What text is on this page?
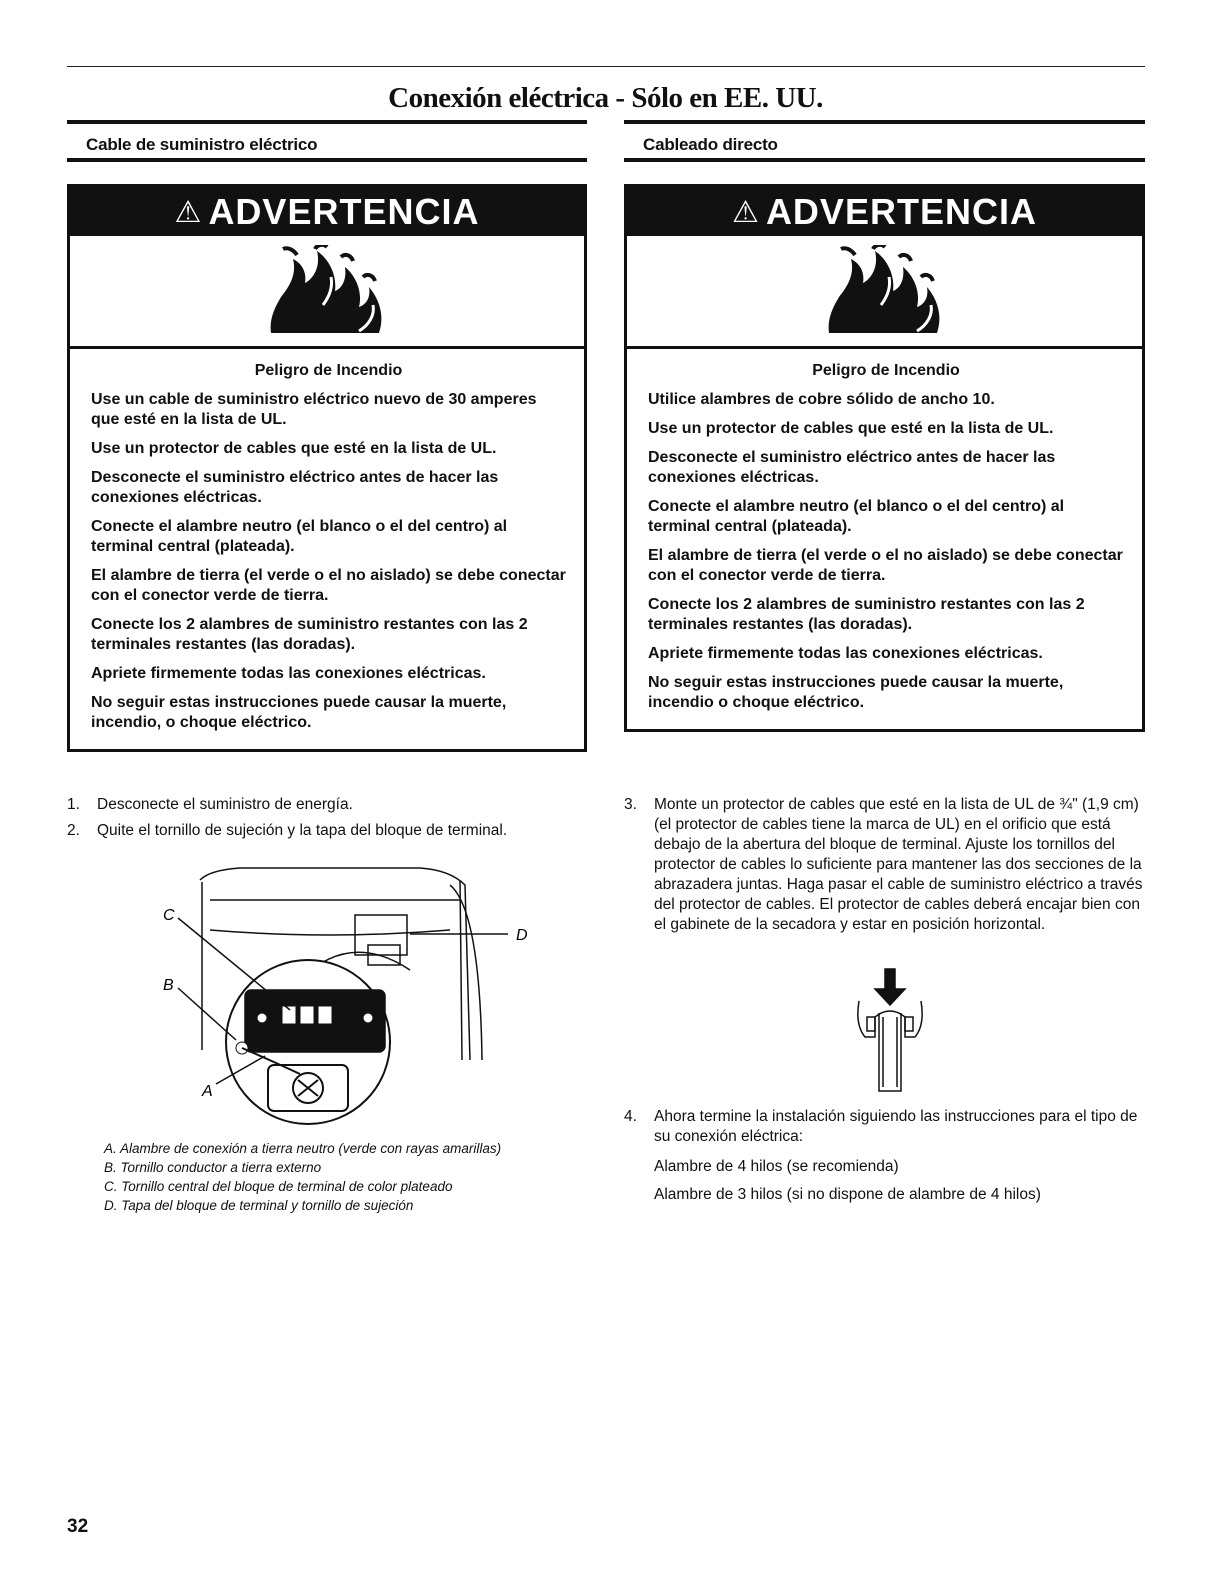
Conexión eléctrica - Sólo en EE. UU.
Cable de suministro eléctrico
⚠ ADVERTENCIA
Peligro de Incendio

Use un cable de suministro eléctrico nuevo de 30 amperes que esté en la lista de UL.

Use un protector de cables que esté en la lista de UL.

Desconecte el suministro eléctrico antes de hacer las conexiones eléctricas.

Conecte el alambre neutro (el blanco o el del centro) al terminal central (plateada).

El alambre de tierra (el verde o el no aislado) se debe conectar con el conector verde de tierra.

Conecte los 2 alambres de suministro restantes con las 2 terminales restantes (las doradas).

Apriete firmemente todas las conexiones eléctricas.

No seguir estas instrucciones puede causar la muerte, incendio, o choque eléctrico.

1. Desconecte el suministro de energía.
2. Quite el tornillo de sujeción y la tapa del bloque de terminal.
C
B
A
D
A. Alambre de conexión a tierra neutro (verde con rayas amarillas)
B. Tornillo conductor a tierra externo
C. Tornillo central del bloque de terminal de color plateado
D. Tapa del bloque de terminal y tornillo de sujeción
Cableado directo
⚠ ADVERTENCIA
Peligro de Incendio

Utilice alambres de cobre sólido de ancho 10.

Use un protector de cables que esté en la lista de UL.

Desconecte el suministro eléctrico antes de hacer las conexiones eléctricas.

Conecte el alambre neutro (el blanco o el del centro) al terminal central (plateada).

El alambre de tierra (el verde o el no aislado) se debe conectar con el conector verde de tierra.

Conecte los 2 alambres de suministro restantes con las 2 terminales restantes (las doradas).

Apriete firmemente todas las conexiones eléctricas.

No seguir estas instrucciones puede causar la muerte, incendio o choque eléctrico.

3. Monte un protector de cables que esté en la lista de UL de ¾" (1,9 cm) (el protector de cables tiene la marca de UL) en el orificio que está debajo de la abertura del bloque de terminal. Ajuste los tornillos del protector de cables lo suficiente para mantener las dos secciones de la abrazadera juntas. Haga pasar el cable de suministro eléctrico a través del protector de cables. El protector de cables deberá encajar bien con el gabinete de la secadora y estar en posición horizontal.
4. Ahora termine la instalación siguiendo las instrucciones para el tipo de su conexión eléctrica:
Alambre de 4 hilos (se recomienda)
Alambre de 3 hilos (si no dispone de alambre de 4 hilos)
32
